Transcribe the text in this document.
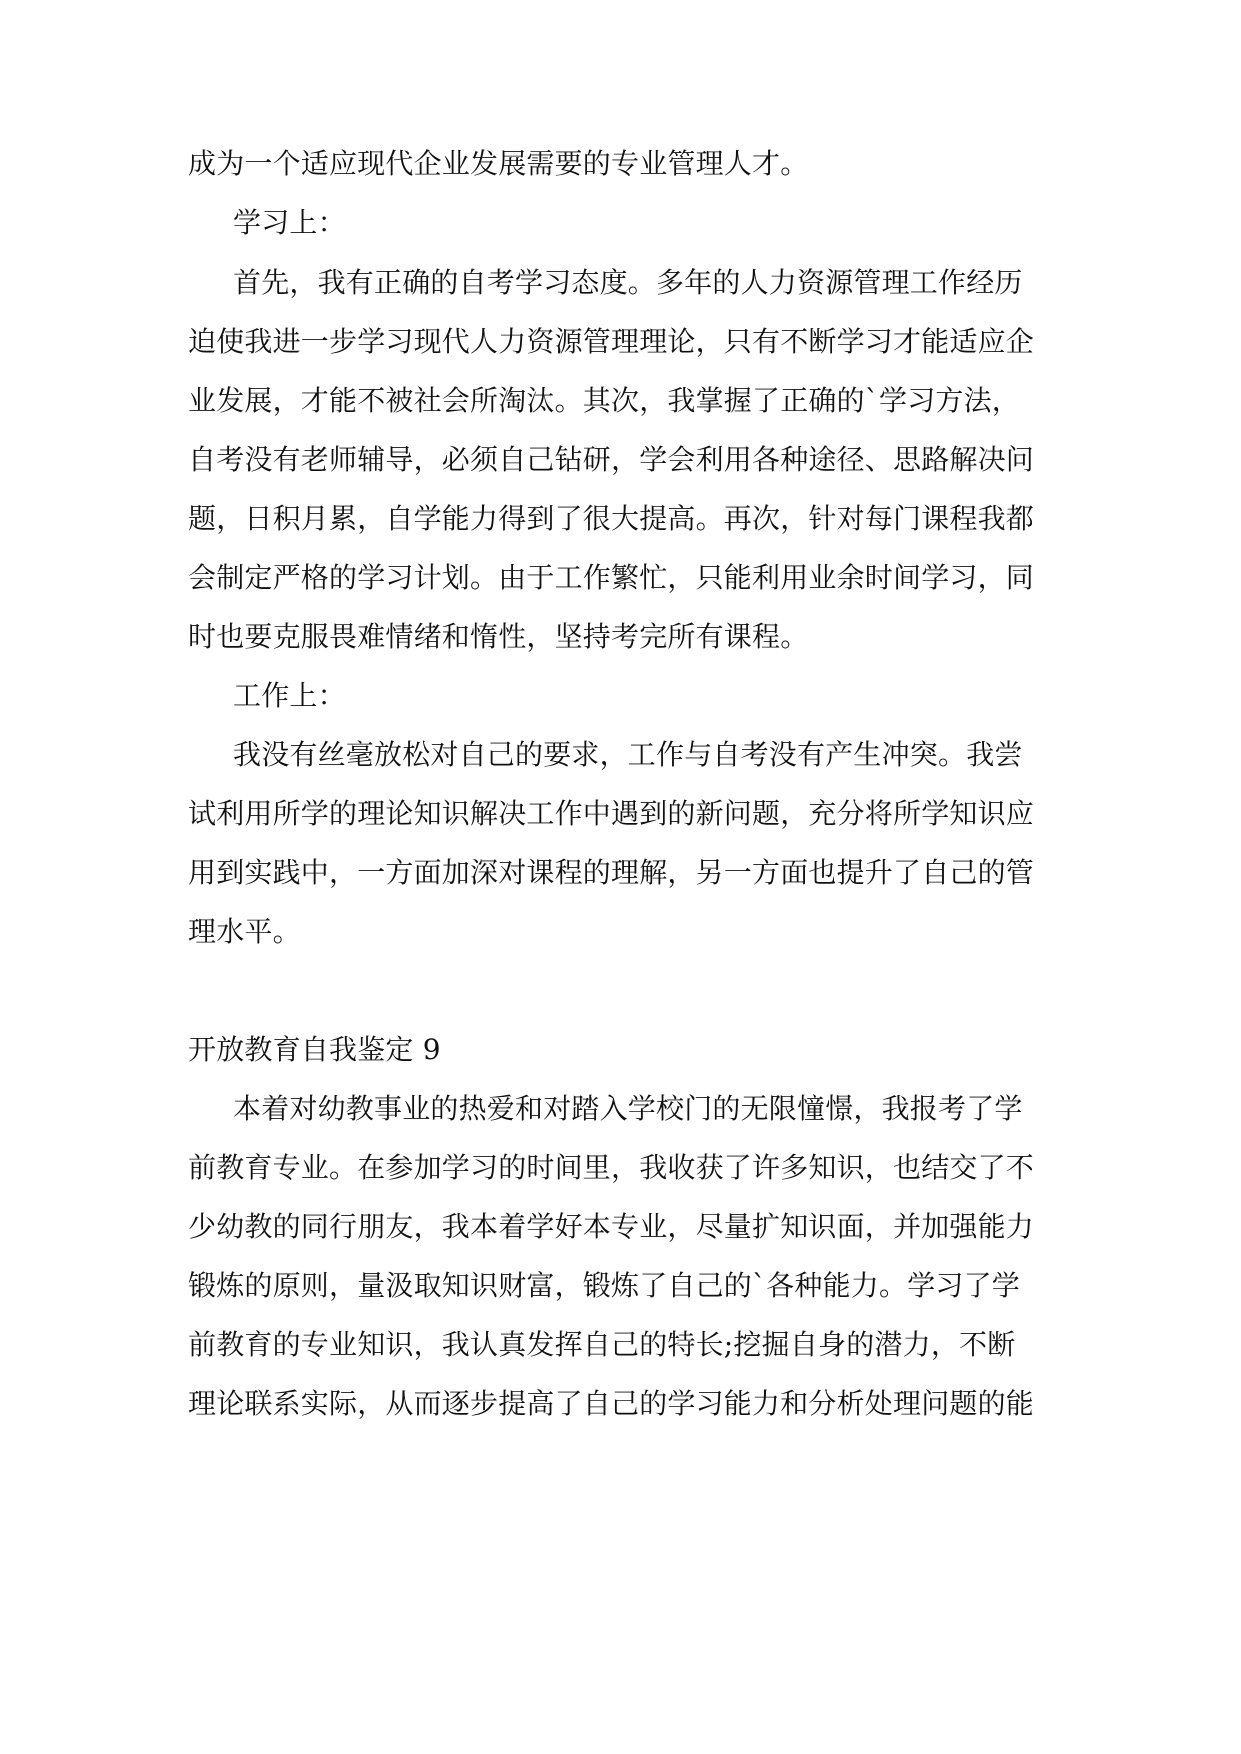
成为一个适应现代企业发展需要的专业管理人才。
学习上：
首先，我有正确的自考学习态度。多年的人力资源管理工作经历
迫使我进一步学习现代人力资源管理理论，只有不断学习才能适应企
业发展，才能不被社会所淘汰。其次，我掌握了正确的`学习方法，
自考没有老师辅导，必须自己钻研，学会利用各种途径、思路解决问
题，日积月累，自学能力得到了很大提高。再次，针对每门课程我都
会制定严格的学习计划。由于工作繁忙，只能利用业余时间学习，同
时也要克服畏难情绪和惰性，坚持考完所有课程。
工作上：
我没有丝毫放松对自己的要求，工作与自考没有产生冲突。我尝
试利用所学的理论知识解决工作中遇到的新问题，充分将所学知识应
用到实践中，一方面加深对课程的理解，另一方面也提升了自己的管
理水平。
开放教育自我鉴定 9
本着对幼教事业的热爱和对踏入学校门的无限憧憬，我报考了学
前教育专业。在参加学习的时间里，我收获了许多知识，也结交了不
少幼教的同行朋友，我本着学好本专业，尽量扩知识面，并加强能力
锻炼的原则，量汲取知识财富，锻炼了自己的`各种能力。学习了学
前教育的专业知识，我认真发挥自己的特长;挖掘自身的潜力，不断
理论联系实际，从而逐步提高了自己的学习能力和分析处理问题的能
